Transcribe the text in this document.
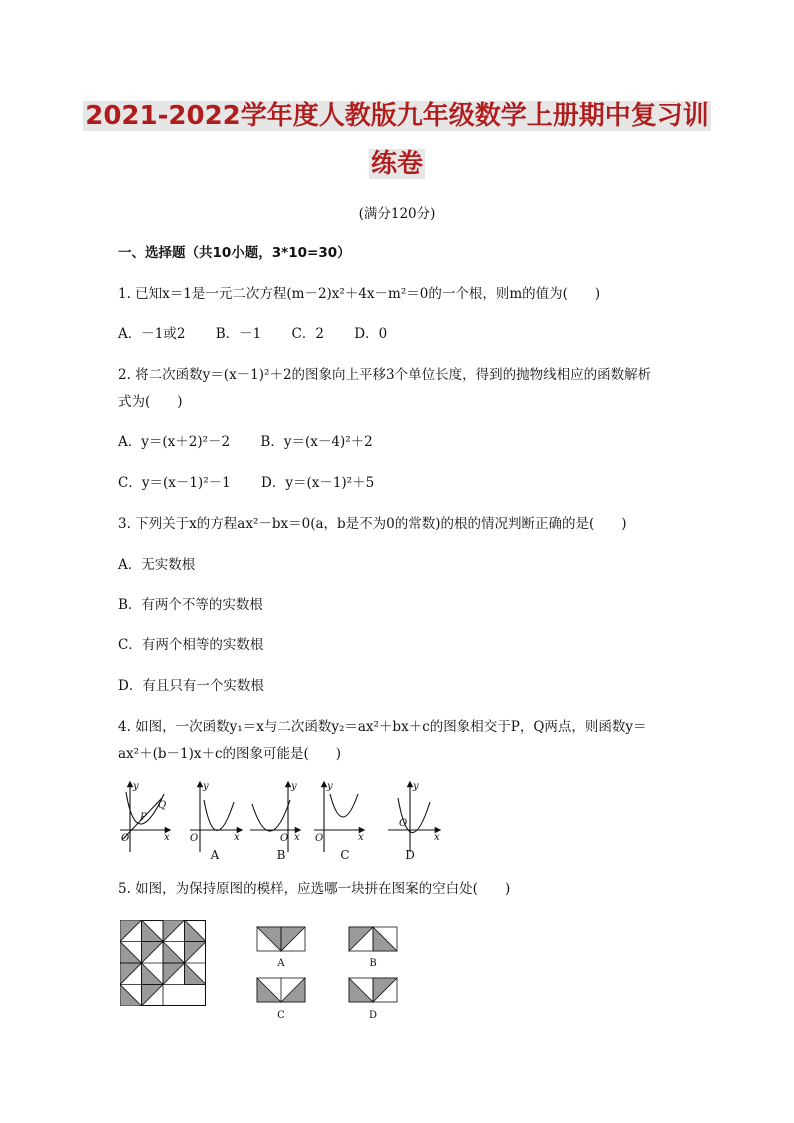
2021-2022学年度人教版九年级数学上册期中复习训
练卷
(满分120分)
一、选择题（共10小题，3*10=30）
1. 已知x＝1是一元二次方程(m－2)x²＋4x－m²＝0的一个根，则m的值为(　　)
A．－1或2 B．－1 C．2 D．0
2. 将二次函数y＝(x－1)²＋2的图象向上平移3个单位长度，得到的抛物线相应的函数解析
式为(　　)
A．y＝(x＋2)²－2 B．y＝(x－4)²＋2
C．y＝(x－1)²－1 D．y＝(x－1)²＋5
3. 下列关于x的方程ax²－bx＝0(a，b是不为0的常数)的根的情况判断正确的是(　　)
A．无实数根
B．有两个不等的实数根
C．有两个相等的实数根
D．有且只有一个实数根
4. 如图，一次函数y₁＝x与二次函数y₂＝ax²＋bx＋c的图象相交于P，Q两点，则函数y＝
ax²＋(b－1)x＋c的图象可能是(　　)
y
x
O
P
Q
y
x
O
y
x
O
y
x
O
y
x
O
A	B	C	D
5. 如图，为保持原图的模样，应选哪一块拼在图案的空白处(　　)
A	B
C	D
